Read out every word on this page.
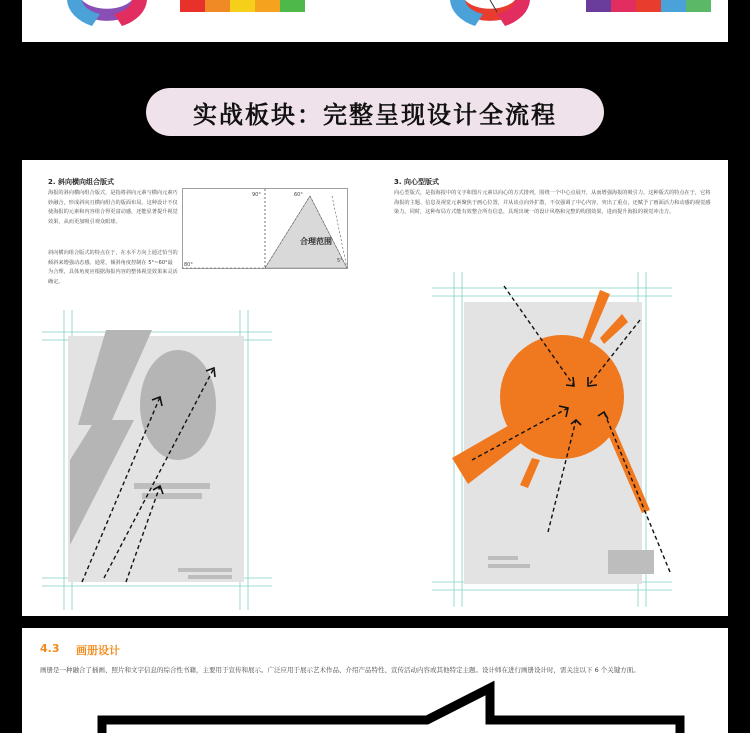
实战板块：完整呈现设计全流程
2. 斜向横向组合版式
海报的斜向横向组合版式，是指将斜向元素与横向元素巧妙融合，形成斜向且横向组合的版面布局。这种设计不仅使海报的元素和内容组合得更富动感，还能显著提升视觉效果，从而更加吸引观众眼球。
斜向横向组合版式的特点在于，在水平方向上通过恰当的倾斜来增强动态感。通常，倾斜角度控制在 5°~60°最为合理，具体角度应根据海报内容的整体视觉效果来灵活确定。
合理范围
90°	60°
80°
5°
3. 向心型版式
向心型版式，是指海报中的文字和图片元素以向心的方式排列，围绕一个中心点展开，从而增强海报的吸引力。这种版式的特点在于，它将海报的主题、信息及视觉元素聚焦于画心位置，并从该点向外扩散，不仅强调了中心内容，突出了重点，还赋予了画面活力和动感的视觉感染力。同时，这种布局方式能有效整合所有信息，具现出统一的设计风格和完整的构图效果，进而提升海报的视觉冲击力。
4.3 画册设计
画册是一种融合了插画、照片和文字信息的综合性书籍，主要用于宣传和展示。广泛应用于展示艺术作品、介绍产品特性、宣传活动内容或其他特定主题。设计师在进行画册设计时，需关注以下 6 个关键方面。
